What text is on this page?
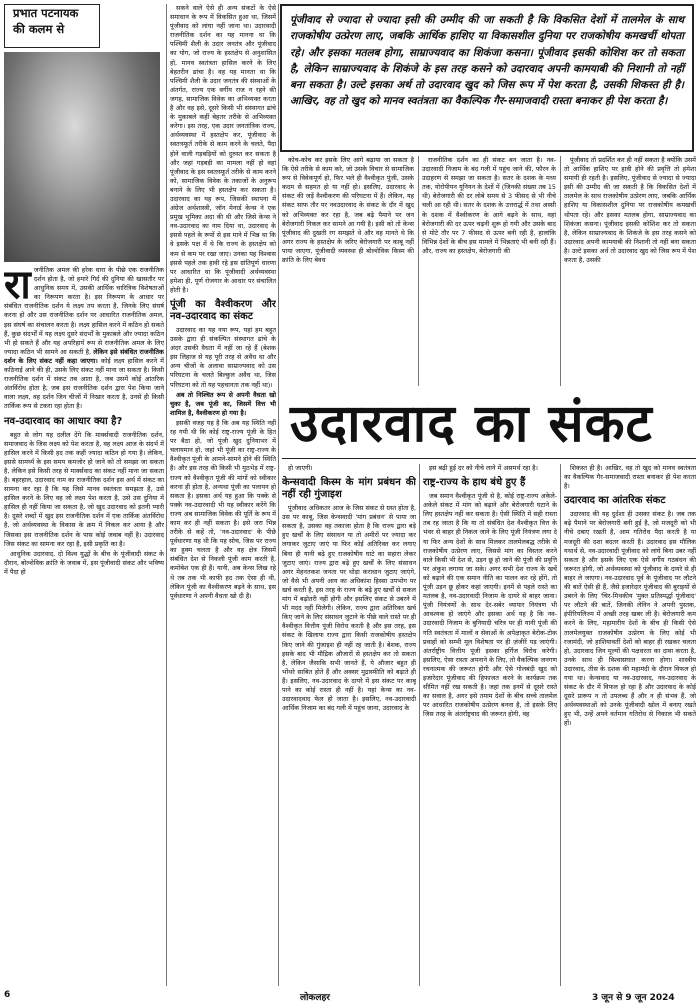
प्रभात पटनायक
की कलम से
रा जनीतिक अमल की हरेक धारा के पीछे एक राजनीतिक दर्शन होता है, जो हमारे गिर्द की दुनिया की खासतौर पर आधुनिक समय में, उसकी आर्थिक चारित्रिक विशेषताओं का निरूपण करता है। इस निरूपण के आधार पर संबंधित राजनीतिक दर्शन ये लक्ष्य तय करता है, जिनके लिए संघर्ष करना हो और उस राजनीतिक दर्शन पर आधारित राजनीतिक अमल, इस संघर्ष का संचालन करता है। लक्ष्य हासिल करने में कठिन हो सकते हैं, कुछ संदर्भों में यह लक्ष्य दूसरे संदर्भों के मुकाबले और ज्यादा कठिन भी हो सकते हैं और यह अपरिहार्य रूप से राजनीतिक अमल के लिए ज्यादा कठिन भी सामने आ सकती है, लेकिन इसे संबंधित राजनीतिक दर्शन के लिए संकट नहीं कहा जाएगा। कोई लक्ष्य हासिल करने में कठिनाई आने की ही, उसके लिए संकट नहीं माना जा सकता है। किसी राजनीतिक दर्शन में संकट तब आता है, जब उसमें कोई आंतरिक अंतर्विरोध होता है; जब इस राजनीतिक दर्शन द्वारा पेश किया जाने वाला लक्ष्य, वह दर्शन जिन चीजों में निखार करता है, उनसे ही किसी तार्किक रूप से टकरा रहा होता है।
नव-उदारवाद का आधार क्या है?

बहुत से लोग यह दलील देंगे कि मार्क्सवादी राजनीतिक दर्शन, समाजवाद के जिस लक्ष्य को पेश करता है, वह लक्ष्य आज के संदर्भ में हासिल करने में किसी हद तक कहीं ज्यादा कठिन हो गया है। लेकिन, इससे सामर्थ्य के इस समय कमजोर हो जाने को तो समझा जा सकता है, लेकिन इसे किसी तरह से मार्क्सवाद का संकट नहीं माना जा सकता है। बहरहाल, उदारवाद नाम का राजनीतिक दर्शन इस अर्थ में संकट का सामना कर रहा है कि यह जिसे मानव स्वतंत्रता समझता है, उसे हासिल करने के लिए वह जो लक्ष्य पेश करता है, उसे उस दुनिया में हासिल ही नहीं किया जा सकता है, जो खुद उदारवाद को इतनी प्यारी है। दूसरे शब्दों में खुद इस राजनीतिक दर्शन में एक तार्किक अंतर्विरोध है, जो अर्थव्यवस्था के विकास के क्रम में निकल कर आया है और जिसका इस राजनीतिक दर्शन के पास कोई जवाब नहीं है। उदारवाद जिस संकट का सामना कर रहा है, इसी प्रकृति का है।

आधुनिक उदारवाद, दो विश्व युद्धों के बीच के पूंजीवादी संकट के दौरान, बोल्शेविक क्रांति के जवाब में, इस पूंजीवादी संकट और भविष्य में पैदा हो

सकने वाले ऐसे ही अन्य संकटों के ऐसे समाधान के रूप में विकसित हुआ था, जिसमें पूंजीवाद को लांघा नहीं जाना था। उदारवादी राजनीतिक दर्शन का यह मानना था कि पश्चिमी शैली के उदार जनतंत्र और पूंजीवाद का योग, जो राज्य के हस्तक्षेप से अनुशासित हो, मानव स्वतंत्रता हासिल करने के लिए बेहतरीन ढांचा है। वह यह मानता था कि पश्चिमी शैली के उदार जनतंत्र की संस्थाओं के अंतर्गत, राज्य एक वर्गीय राज न रहने की जगह, सामाजिक विवेक का अभिव्यक्त करता है और वह इसे, दूसरे किसी भी संस्थागत ढांचे के मुकाबले कहीं बेहतर तरीके से अभिव्यक्त करेगा। इस तरह, एक उदार जनतांत्रिक राज्य, अर्थव्यवस्था में हस्तक्षेप कर, पूंजीवाद के स्वतःस्फूर्त तरीके से काम करने के चलते, पैदा होने वाली गड़बड़ियों को दुरुस्त कर सकता है और जहां गड़बड़ी का मामला नहीं हो वहां पूंजीवाद के इस स्वतःस्फूर्त तरीके से काम करने को, सामाजिक विवेक के तकाजों के अनुरूप बनाने के लिए भी हस्तक्षेप कर सकता है। उदारवाद का यह रूप, जिसकी स्थापना में अंग्रेज अर्थशास्त्री, जॉन मेनार्ड केन्स ने एक प्रमुख भूमिका अदा की थी और जिसे केन्स ने नव-उदारवाद का नाम दिया था, उदारवाद के इससे पहले के रूपों से इस माने में भिन्न था कि वे इसके पक्ष में थे कि राज्य के हस्तक्षेप को कम से कम पर रखा जाए। उनका यह विश्वास इससे पहले तक हावी रहे इस ग्रांतिपूर्ण धारणा पर आधारित था कि पूंजीवादी अर्थव्यवस्था हमेशा ही, पूर्ण रोजगार के आधार पर संचालित होती है।

पूंजी का वैश्वीकरण और नव-उदारवाद का संकट

उदारवाद का यह नया रूप, यहां हम बहुत उसके द्वारा ही संकल्पित संस्थागत ढांचे के अंदर उसकी वैधता में नहीं जा रहे हैं (बेशक इस लिहाज से यह पूरी तरह से अवैध था और अन्य चीजों के अलावा साम्राज्यवाद को उस परिघटना के चलते बिल्कुल अवैध था, जिस परिघटना को तो यह पहचानता तक नहीं था)।

अब तो निश्चित रूप से अपनी वैधता खो चुका है, जब पूंजी का, जिसमें वित्त भी शामिल है, वैश्वीकरण हो गया है।

इसकी वजह यह है कि अब यह स्थिति नहीं रह गयी थी कि कोई राष्ट्र-राज्य पूंजी के हित पर बैठा हो, जो पूंजी खुद दुनियाभर में चलायमान हो, जहां भी पूंजी का राष्ट्र-राज्य के वैश्वीकृत पूंजी के आमने-सामने होने की स्थिति है। और इस तरह की किसी भी मुठभेड़ में राष्ट्र-राज्य को वैश्वीकृत पूंजी की मांगों को स्वीकार करना ही होता है, अन्यथा पूंजी का पलायन हो सकता है। इसका अर्थ यह हुआ कि पक्के से पक्के नव-उदारवादी भी यह स्वीकार करेंगे कि राज्य अब सामाजिक विवेक की पूर्ति के रूप में काम कर ही नहीं सकता है। इसे जरा भिन्न तरीके से कहें तो, 'नव-उदारवाद' के पीछे पूर्वधारणा यह थी कि यह सोच, जिस पर राज्य का हुक्म चलता है और वह क्षेत्र जिसमें संबंधित देश से निकली पूंजी काम करती है, कमोबेश एक ही हैं। यानी, अब केन्स लिख रहे थे तब तक भी काफी हद तक ऐसा ही थी, लेकिन पूंजी का वैश्वीकरण बढ़ने के साथ, इस पूर्वधारणा ने अपनी वैधता खो दी है।

पूंजीवाद से ज्यादा से ज्यादा इसी की उम्मीद की जा सकती है कि विकसित देशों में तालमेल के साथ राजकोषीय उत्प्रेरण लाए, जबकि आर्थिक हाशिए या विकासशील दुनिया पर राजकोषीय कमखर्ची थोपता रहे। और इसका मतलब होगा, साम्राज्यवाद का शिकंजा कसना। पूंजीवाद इसकी कोशिश कर तो सकता है, लेकिन साम्राज्यवाद के शिकंजे के इस तरह कसने को उदारवाद अपनी कामयाबी की निशानी तो नहीं बना सकता है। उल्टे इसका अर्थ तो उदारवाद खुद को जिस रूप में पेश करता है, उसकी शिकस्त ही है। आखिर, वह तो खुद को मानव स्वतंत्रता का वैकल्पिक गैर-समाजवादी रास्ता बनाकर ही पेश करता है।

कोच-कोच कर इसके लिए आगे बढ़ाया जा सकता है कि ऐसे तरीके से काम करे, जो उसके विचार से सामाजिक रूप से विवेकपूर्ण हो, फिर भले ही वैश्वीकृत पूंजी, उसके कदम से सहमत हो या नहीं हो। इसलिए, उदारवाद के संकट की जड़ें वैश्वीकरण की परिघटना में हैं। लेकिन, यह संकट साफ तौर पर नवउदारवाद के संकट के दौर में खुद को अभिव्यक्त कर रहा है, जब बढ़े पैमाने पर जन बेरोजगारी निकल कर सामने आ गयी है। इसी को तो केन्स पूंजीवाद की दुखती रग समझते थे और वह मानते थे कि अगर राज्य के हस्तक्षेप के जरिए बेरोजगारी पर काबू नहीं पाया जाएगा, पूंजीवादी व्यवस्था ही बोल्शेविक किस्म की क्रांति के लिए बेवध

राजनीतिक दर्शन का ही संकट बन जाता है। नव-उदारवादी निजाम के बंद गली में पहुंच जाने की, फौरन के उदाहरण से समझा जा सकता है। सतर के दशक के मध्य तक, योरोपीयन यूनियन के देशों में (जिनकी संख्या तब 15 थी) बेरोजगारी की दर लोबे समय से 3 फीसद से भी नीचे चली आ रही थी। सतर के दशक के उत्तरार्द्ध में तथा अस्सी के दशक में वैश्वीकरण के आगे बढ़ने के साथ, वहां बेरोजगारी की दर ऊपर चढ़नी शुरू हो गयी और उसके बाद से मोटे तौर पर 7 फीसद से ऊपर बनी रही है, हालांकि विभिन्न देशों के बीच इस मामले में भिन्नताएं भी बनी रही हैं। और, राज्य का हस्तक्षेप, बेरोजगारी की

पूंजीवाद तो प्रदर्शित कर ही नहीं सकता है क्योंकि उसमें तो आर्थिक हाशिए पर हावी होने की प्रवृत्ति तो हमेशा समायी ही रहती है। इसलिए, पूंजीवाद से ज्यादा से ज्यादा इसी की उम्मीद की जा सकती है कि विकसित देशों में तालमेल के साथ राजकोषीय उत्प्रेरण लाए, जबकि आर्थिक हाशिए या विकासशील दुनिया पर राजकोषीय कमखर्ची थोपता रहे। और इसका मतलब होगा, साम्राज्यवाद का शिकंजा कसना। पूंजीवाद इसकी कोशिश कर तो सकता है, लेकिन साम्राज्यवाद के शिकंजे के इस तरह कसने को उदारवाद अपनी कामयाबी की निशानी तो नहीं बना सकता है। उल्टे इसका अर्थ तो उदारवाद खुद को जिस रूप में पेश करता है, उसकी

उदारवाद का संकट

हो जाएगी।

केन्सवादी किस्म के मांग प्रबंधन की नहीं रही गुंजाइश

पूंजीवाद अधिकतर आज के जिस संकट से ग्रस्त होता है, उस पर काबू, जिस केन्सवादी 'मांग प्रबंधन' से पाया जा सकता है, उसका वह तकाजा होता है कि राज्य द्वारा बड़े हुए खर्चों के लिए संसाधन या तो अमीरों पर ज्यादा कर लगाकर जुटाए जाएं या फिर कोई अतिरिक्त कर लगाए बिना ही यानी बढ़े हुए राजकोषीय घाटे का सहारा लेकर जुटाए जाएं। राज्य द्वारा बढ़े हुए खर्चों के लिए संसाधन अगर मेहनतकश जनता पर थोड़ा कराधान जुटाए जाएंगे, जो वैसे भी अपनी आय का अधिकांश हिस्सा उपभोग पर खर्च करती है, इस तरह के राज्य के बढ़े हुए खर्चों से सकल मांग में बढ़ोतरी नहीं होगी और इसलिए संकट से उबरने में भी मदद नहीं मिलेगी। लेकिन, राज्य द्वारा अतिरिक्त खर्च किए जाने के लिए संसाधन जुटाने के पीछे वाले रास्ते पर ही वैश्वीकृत वित्तीय पूंजी विरोध करती है और इस तरह, इस संकट के खिलाफ राज्य द्वारा किसी राजकोषीय हस्तक्षेप किए जाने की गुंजाइश ही नहीं रह जाती है। बेशक, राज्य इसके बाद भी मौद्रिक औजारों से हस्तक्षेप कर तो सकता है, लेकिन जैसाकि सभी जानते हैं, ये औजार बहुत ही भोंथरे साबित होते हैं और अक्सर मुद्रास्फीति को बढ़ाते ही हैं। इसलिए, नव-उदारवाद के दायरे में इस संकट पर काबू पाने का कोई रास्ता ही नहीं है। यहां केन्स का नव-उदारवादवाद फेल हो जाता है। इसलिए, नव-उदारवादी आर्थिक निजाम का बंद गली में पहुंच जाना, उदारवाद के

इस बढ़ी हुई दर को नीचे लाने में असमर्थ रहा है।

राष्ट्र-राज्य के हाथ बंधे हुए हैं

जब समान वैश्वीकृत पूंजी से है, कोई राष्ट्र-राज्य अकेले-अकेले संकट में मांग को बढ़ाने और बेरोजगारी घटाने के लिए हस्तक्षेप नहीं कर सकता है। ऐसी स्थिति में सही रास्ता तब रह जाता है कि या तो संबंधित देश वैश्वीकृत वित्त के भंवर से बाहर ही निकल जाने के लिए पूंजी नियंत्रण लगा दे या फिर अन्य देशों के साथ मिलकर तालमेलबद्ध तरीके से राजकोषीय उत्प्रेरण लाए, जिससे मांग का विस्तार करने वाले किसी भी देश से, उड़न छू हो जाने की पूंजी की प्रवृत्ति पर अंकुश लगाया जा सके। अगर सभी देश राज्य के खर्चे को बढ़ाने की एक समान नीति का पालन कर रहे होंगे, तो पूंजी उड़न छू होकर कहां जाएगी। इनमें से पहले रास्ते का मतलब है, नव-उदारवादी निजाम के दायरे से बाहर जाना। पूंजी नियंत्रणों के साथ देर-सबेर व्यापार नियंत्रण भी आवश्यक हो जाएंगे और इसका अर्थ यह है कि नव-उदारवादी निजाम के बुनियादी चरित्र पर ही यानी पूंजी की गति स्वतंत्रता में मालों व सेवाओं के अपेक्षाकृत बेरोक-टोक प्रवाहों को सम्भी मूल विशेषता पर ही ज़ंजीरें पड़ जाएंगी। अंतर्राष्ट्रीय वित्तीय पूंजी इसका हर्गिज विरोध करेगी। इसलिए, ऐसा रास्ता अपनाने के लिए, तो वैकल्पिक जनगण रचनात्मक की जरूरत होगी और ऐसे गोलबंदी खुद को इजारेदार पूंजीवाद की हिफाजत करने के कार्यक्रम तक सीमित नहीं रख सकती है। जहां तक इनमें से दूसरे रास्ते का सवाल है, अगर इसे तमाम देशों के बीच सच्चे तालमेल पर आधारित राजकोषीय उत्प्रेरण बनना है, तो इसके लिए जिस तरह के अंतर्राष्ट्रवाद की जरूरत होगी, वह

शिकस्त ही है। आखिर, वह तो खुद को मानव स्वतंत्रता का वैकल्पिक गैर-समाजवादी रास्ता बनाकर ही पेश करता है।

उदारवाद का आंतरिक संकट

उदारवाद की यह दुर्दशा ही उसका संकट है। जब तक बढ़े पैमाने पर बेरोजगारी बनी हुई है, जो मजदूरी को भी नीचे दबाए रखती है, आम गतिरोध पैदा करती है या मजदूरी की दशा बदतर करती है। उदारवाद इस मौलिक यथार्थ से, नव-उदारवादी पूंजीवाद को लांघे बिना उबर नहीं सकता है और इसके लिए एक ऐसे वर्गीय गठबंधन की जरूरत होगी, जो अर्थव्यवस्था को पूंजीवाद के दायरे से ही बाहर ले जाएगा। नव-उदारवाद पूर्व के पूंजीवाद पर लौटने की बातें ऐसी ही हैं, जैसे इजारेदार पूंजीवाद की बुराइयों से उबरने के लिए 'चिर-मिथकीय 'मुक्त प्रतिस्पर्द्धा पूंजीवाद' पर लौटने की बातें, जिनकी लेनिन ने अपनी पुस्तक, इंपीरियलिज्म में अच्छी तरह खबर ली है। बेरोजगारी कम करने के लिए, महामारीय देशों के बीच ही किसी ऐसे तालमेलयुक्त राजकोषीय उत्प्रेरण के लिए कोई भी रजामंदी, जो हाशियावर्ती देशों को बाहर ही रखकर चलता हो, उदारवाद जिन मूल्यों की पक्षधरता का दावा करता है, उनके साथ ही विश्वासघात करना होगा। शास्त्रीय उदारवाद, तीस के दशक की महामंदी के दौरान विफल हो गया था। केन्सवाद या नव-उदारवाद, नव-उदारवाद के संकट के दौर में विफल हो रहा है और उदारवाद के कोई दूसरे प्रारूप न तो उपलब्ध हैं और न ही संभव हैं, जो अर्थव्यवस्थाओं को उनके पूंजीवादी खोल में बनाए रखते हुए भी, उन्हें अपने वर्तमान गतिरोध से निकाल भी सकते हों।

6	लोकलहर	3 जून से 9 जून 2024
